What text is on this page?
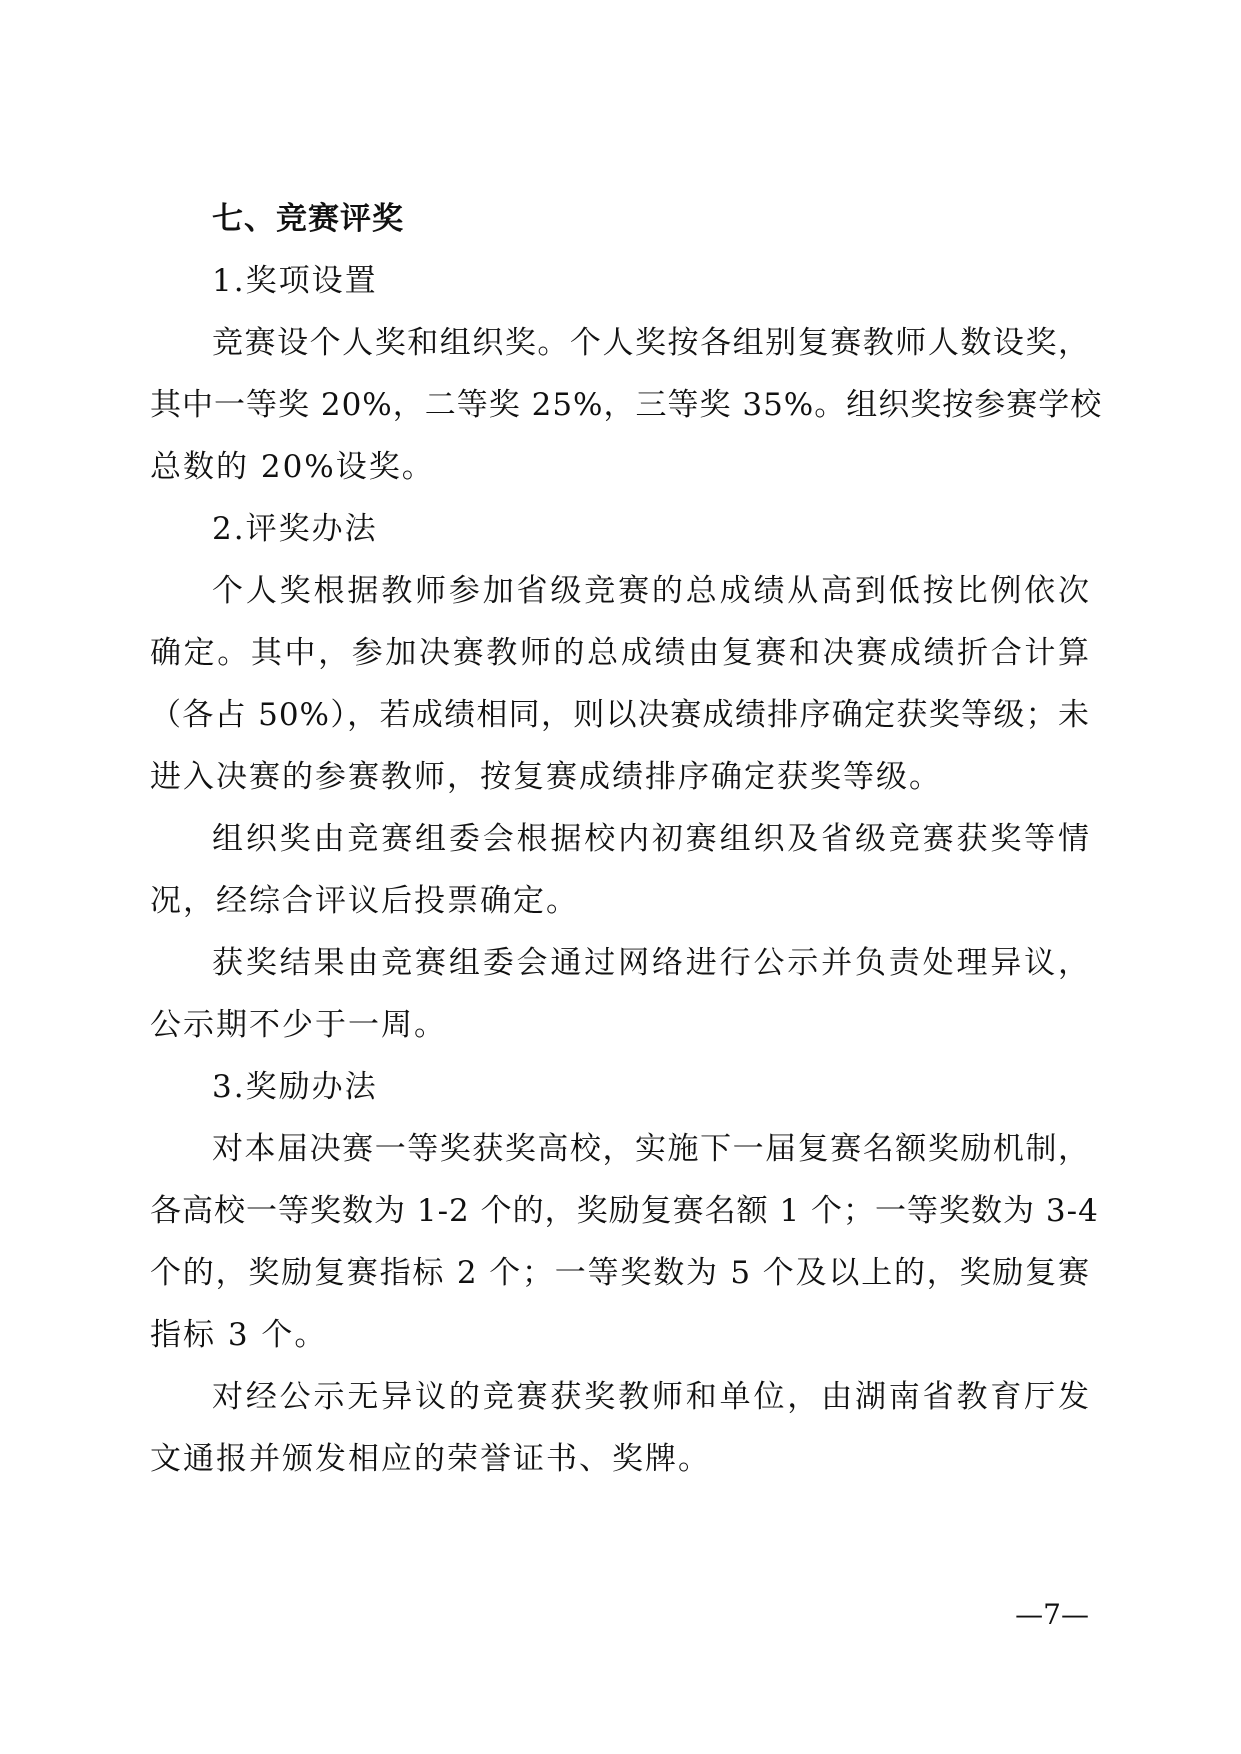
七、竞赛评奖
1.奖项设置
竞赛设个人奖和组织奖。个人奖按各组别复赛教师人数设奖，
其中一等奖 20%，二等奖 25%，三等奖 35%。组织奖按参赛学校
总数的 20%设奖。
2.评奖办法
个人奖根据教师参加省级竞赛的总成绩从高到低按比例依次
确定。其中，参加决赛教师的总成绩由复赛和决赛成绩折合计算
（各占 50%），若成绩相同，则以决赛成绩排序确定获奖等级；未
进入决赛的参赛教师，按复赛成绩排序确定获奖等级。
组织奖由竞赛组委会根据校内初赛组织及省级竞赛获奖等情
况，经综合评议后投票确定。
获奖结果由竞赛组委会通过网络进行公示并负责处理异议，
公示期不少于一周。
3.奖励办法
对本届决赛一等奖获奖高校，实施下一届复赛名额奖励机制，
各高校一等奖数为 1-2 个的，奖励复赛名额 1 个；一等奖数为 3-4
个的，奖励复赛指标 2 个；一等奖数为 5 个及以上的，奖励复赛
指标 3 个。
对经公示无异议的竞赛获奖教师和单位，由湖南省教育厅发
文通报并颁发相应的荣誉证书、奖牌。
—7—
